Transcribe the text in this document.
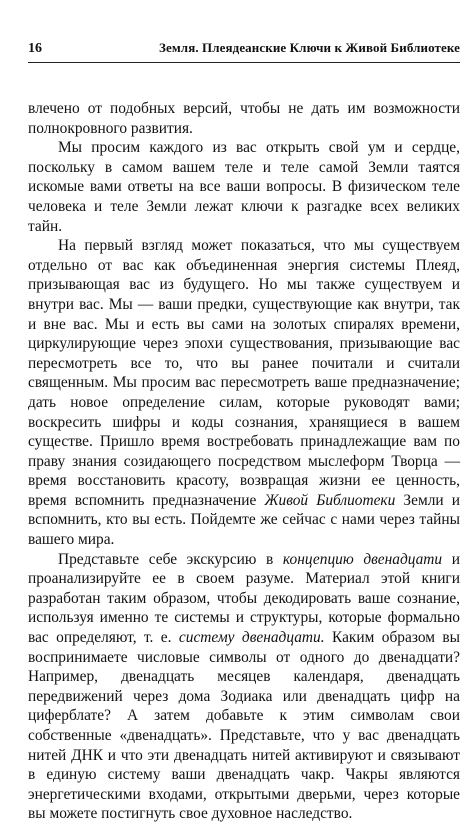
16	Земля. Плеядеанские Ключи к Живой Библиотеке

влечено от подобных версий, чтобы не дать им возможности полнокровного развития.

Мы просим каждого из вас открыть свой ум и сердце, поскольку в самом вашем теле и теле самой Земли таятся искомые вами ответы на все ваши вопросы. В физическом теле человека и теле Земли лежат ключи к разгадке всех великих тайн.

На первый взгляд может показаться, что мы существуем отдельно от вас как объединенная энергия системы Плеяд, призывающая вас из будущего. Но мы также существуем и внутри вас. Мы — ваши предки, существующие как внутри, так и вне вас. Мы и есть вы сами на золотых спиралях времени, циркулирующие через эпохи существования, призывающие вас пересмотреть все то, что вы ранее почитали и считали священным. Мы просим вас пересмотреть ваше предназначение; дать новое определение силам, которые руководят вами; воскресить шифры и коды сознания, хранящиеся в вашем существе. Пришло время востребовать принадлежащие вам по праву знания созидающего посредством мыслеформ Творца — время восстановить красоту, возвращая жизни ее ценность, время вспомнить предназначение Живой Библиотеки Земли и вспомнить, кто вы есть. Пойдемте же сейчас с нами через тайны вашего мира.

Представьте себе экскурсию в концепцию двенадцати и проанализируйте ее в своем разуме. Материал этой книги разработан таким образом, чтобы декодировать ваше сознание, используя именно те системы и структуры, которые формально вас определяют, т. е. систему двенадцати. Каким образом вы воспринимаете числовые символы от одного до двенадцати? Например, двенадцать месяцев календаря, двенадцать передвижений через дома Зодиака или двенадцать цифр на циферблате? А затем добавьте к этим символам свои собственные «двенадцать». Представьте, что у вас двенадцать нитей ДНК и что эти двенадцать нитей активируют и связывают в единую систему ваши двенадцать чакр. Чакры являются энергетическими входами, открытыми дверьми, через которые вы можете постигнуть свое духовное наследство.
